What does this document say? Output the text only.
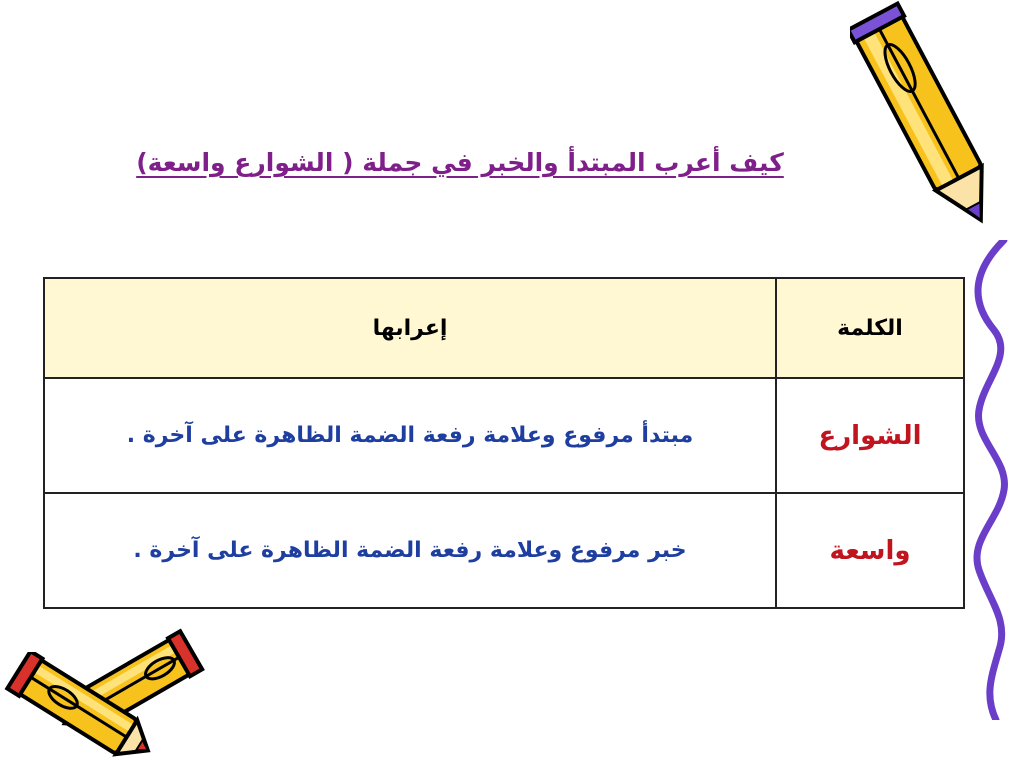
كيف أعرب المبتدأ والخبر في جملة ( الشوارع واسعة)
الكلمة	إعرابها
الشوارع	مبتدأ مرفوع وعلامة رفعة الضمة الظاهرة على آخرة .
واسعة	خبر مرفوع وعلامة رفعة الضمة الظاهرة على آخرة .
